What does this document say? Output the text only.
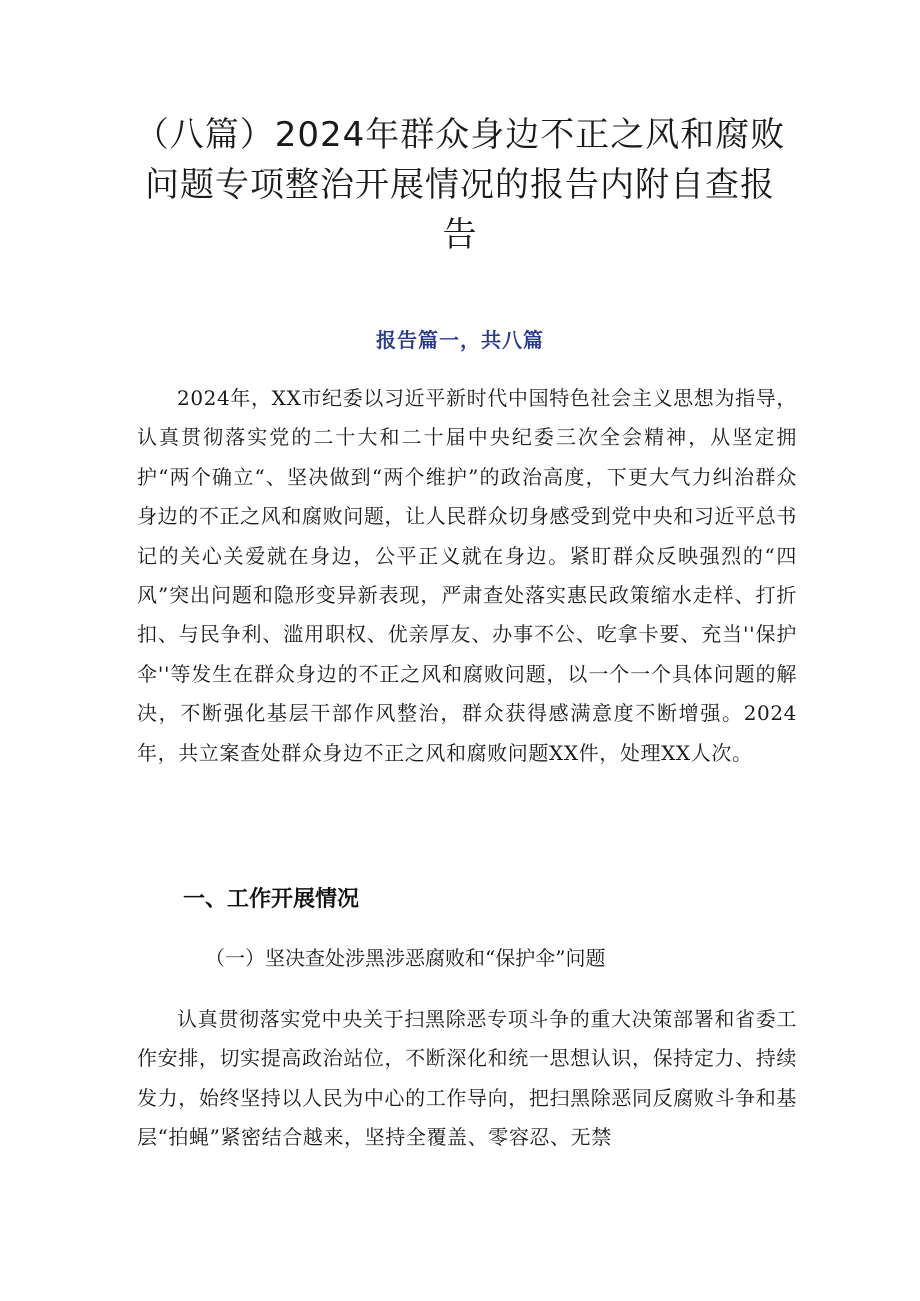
（八篇）2024年群众身边不正之风和腐败
问题专项整治开展情况的报告内附自查报
告
报告篇一，共八篇

2024年，XX市纪委以习近平新时代中国特色社会主义思想为指导，认真贯彻落实党的二十大和二十届中央纪委三次全会精神，从坚定拥护“两个确立“、坚决做到“两个维护”的政治高度，下更大气力纠治群众身边的不正之风和腐败问题，让人民群众切身感受到党中央和习近平总书记的关心关爱就在身边，公平正义就在身边。紧盯群众反映强烈的“四风”突出问题和隐形变异新表现，严肃查处落实惠民政策缩水走样、打折扣、与民争利、滥用职权、优亲厚友、办事不公、吃拿卡要、充当''保护伞''等发生在群众身边的不正之风和腐败问题，以一个一个具体问题的解决，不断强化基层干部作风整治，群众获得感满意度不断增强。2024年，共立案查处群众身边不正之风和腐败问题XX件，处理XX人次。

一、工作开展情况
（一）坚决查处涉黑涉恶腐败和“保护伞”问题

认真贯彻落实党中央关于扫黑除恶专项斗争的重大决策部署和省委工作安排，切实提高政治站位，不断深化和统一思想认识，保持定力、持续发力，始终坚持以人民为中心的工作导向，把扫黑除恶同反腐败斗争和基层“拍蝇”紧密结合越来，坚持全覆盖、零容忍、无禁
